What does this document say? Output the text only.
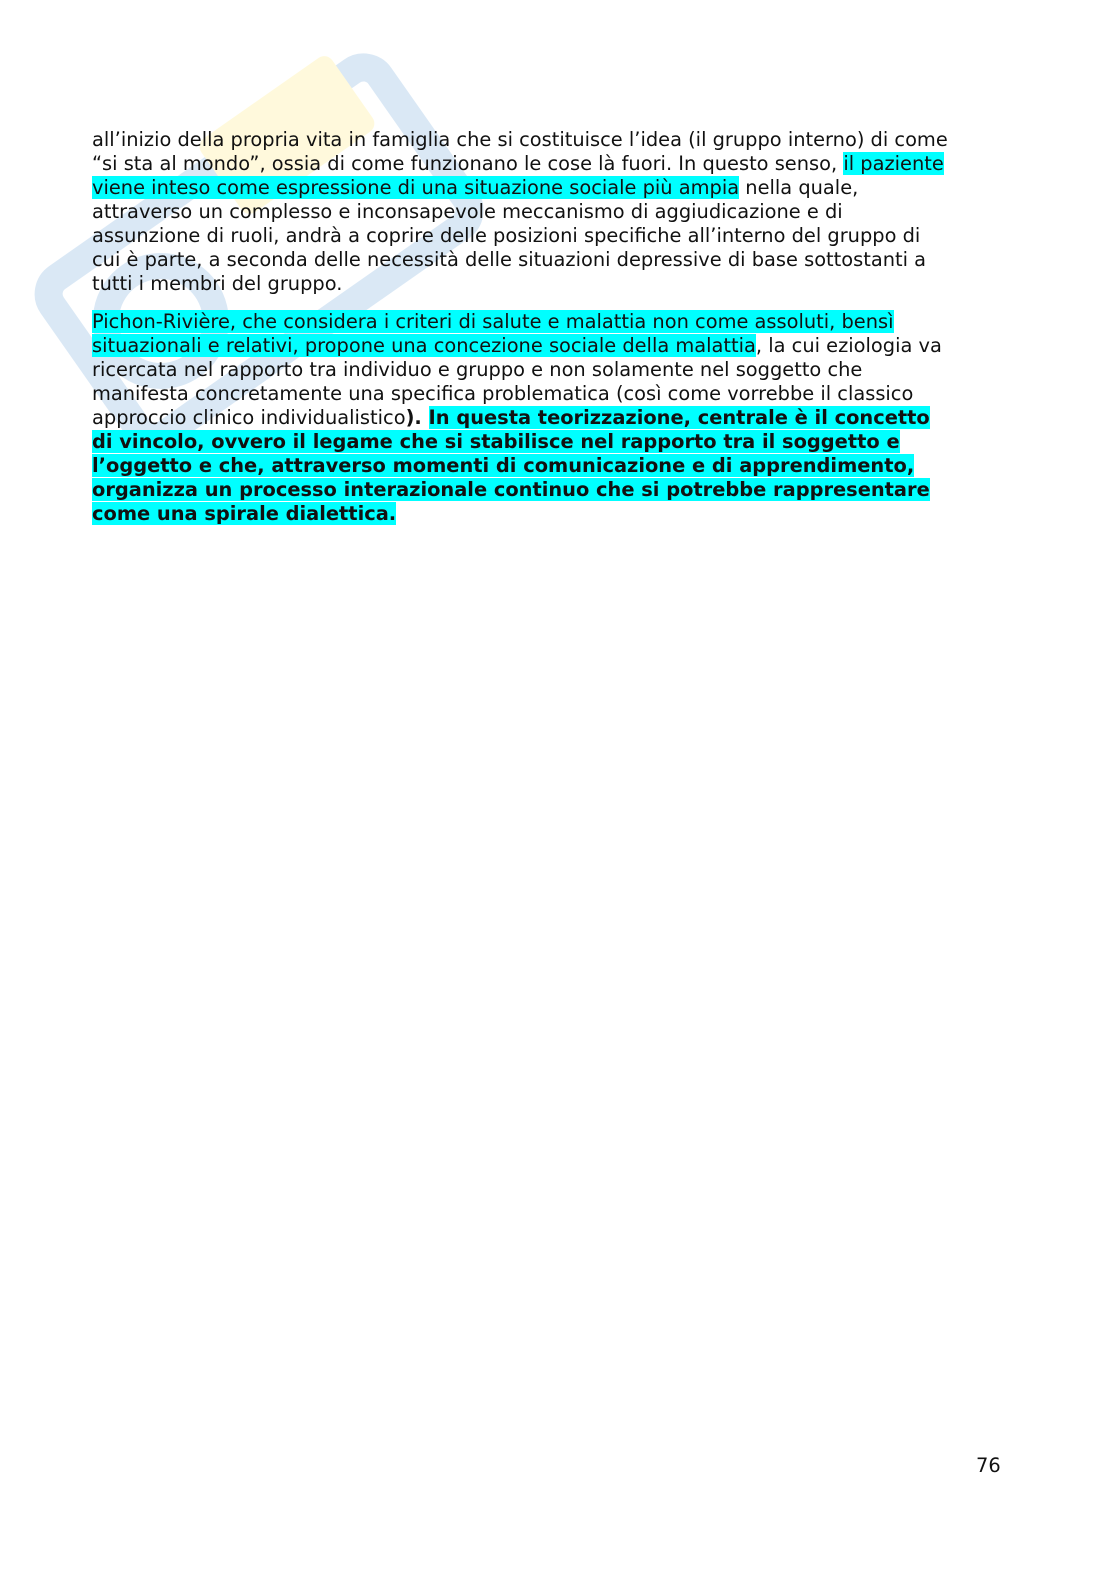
all’inizio della propria vita in famiglia che si costituisce l’idea (il gruppo interno) di come
“si sta al mondo”, ossia di come funzionano le cose là fuori. In questo senso, il paziente
viene inteso come espressione di una situazione sociale più ampia nella quale,
attraverso un complesso e inconsapevole meccanismo di aggiudicazione e di
assunzione di ruoli, andrà a coprire delle posizioni specifiche all’interno del gruppo di
cui è parte, a seconda delle necessità delle situazioni depressive di base sottostanti a
tutti i membri del gruppo.
Pichon-Rivière, che considera i criteri di salute e malattia non come assoluti, bensì
situazionali e relativi, propone una concezione sociale della malattia, la cui eziologia va
ricercata nel rapporto tra individuo e gruppo e non solamente nel soggetto che
manifesta concretamente una specifica problematica (così come vorrebbe il classico
approccio clinico individualistico). In questa teorizzazione, centrale è il concetto
di vincolo, ovvero il legame che si stabilisce nel rapporto tra il soggetto e
l’oggetto e che, attraverso momenti di comunicazione e di apprendimento,
organizza un processo interazionale continuo che si potrebbe rappresentare
come una spirale dialettica.
76
